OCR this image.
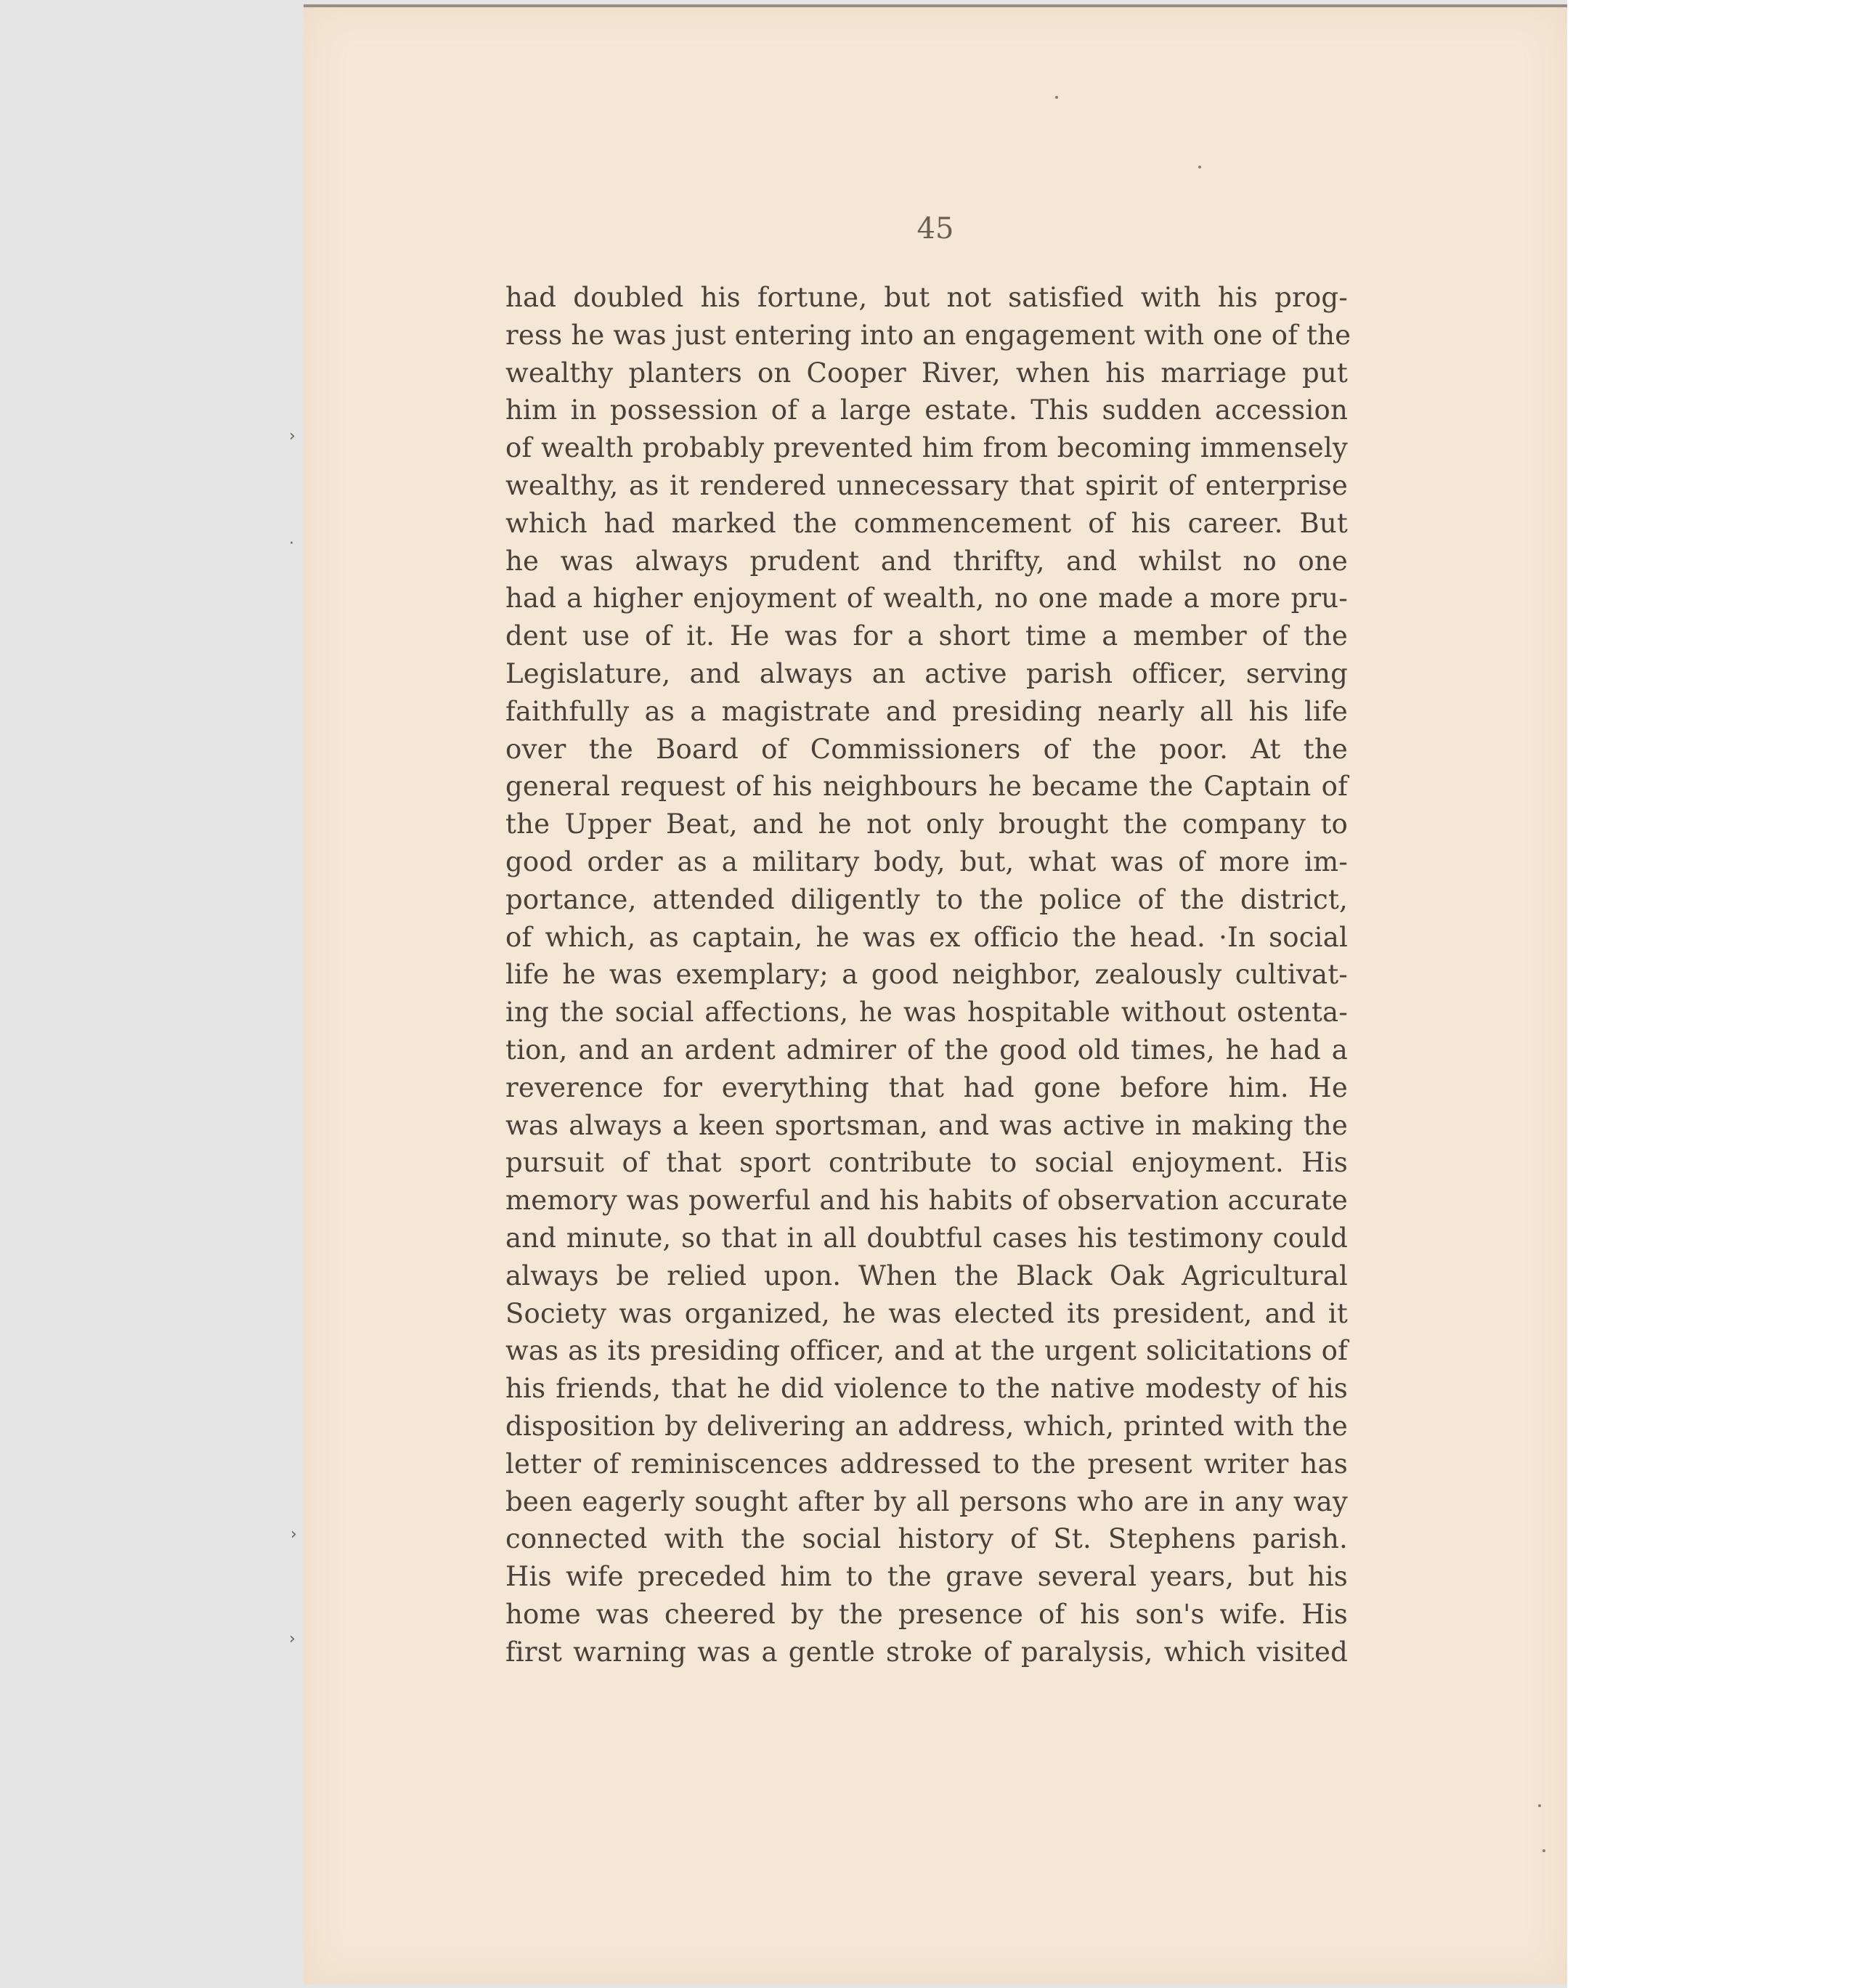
45
had doubled his fortune, but not satisfied with his prog-
ress he was just entering into an engagement with one of the
wealthy planters on Cooper River, when his marriage put
him in possession of a large estate. This sudden accession
of wealth probably prevented him from becoming immensely
wealthy, as it rendered unnecessary that spirit of enterprise
which had marked the commencement of his career. But
he was always prudent and thrifty, and whilst no one
had a higher enjoyment of wealth, no one made a more pru-
dent use of it. He was for a short time a member of the
Legislature, and always an active parish officer, serving
faithfully as a magistrate and presiding nearly all his life
over the Board of Commissioners of the poor. At the
general request of his neighbours he became the Captain of
the Upper Beat, and he not only brought the company to
good order as a military body, but, what was of more im-
portance, attended diligently to the police of the district,
of which, as captain, he was ex officio the head. ·In social
life he was exemplary; a good neighbor, zealously cultivat-
ing the social affections, he was hospitable without ostenta-
tion, and an ardent admirer of the good old times, he had a
reverence for everything that had gone before him. He
was always a keen sportsman, and was active in making the
pursuit of that sport contribute to social enjoyment. His
memory was powerful and his habits of observation accurate
and minute, so that in all doubtful cases his testimony could
always be relied upon. When the Black Oak Agricultural
Society was organized, he was elected its president, and it
was as its presiding officer, and at the urgent solicitations of
his friends, that he did violence to the native modesty of his
disposition by delivering an address, which, printed with the
letter of reminiscences addressed to the present writer has
been eagerly sought after by all persons who are in any way
connected with the social history of St. Stephens parish.
His wife preceded him to the grave several years, but his
home was cheered by the presence of his son's wife. His
first warning was a gentle stroke of paralysis, which visited
›
·
›
›
